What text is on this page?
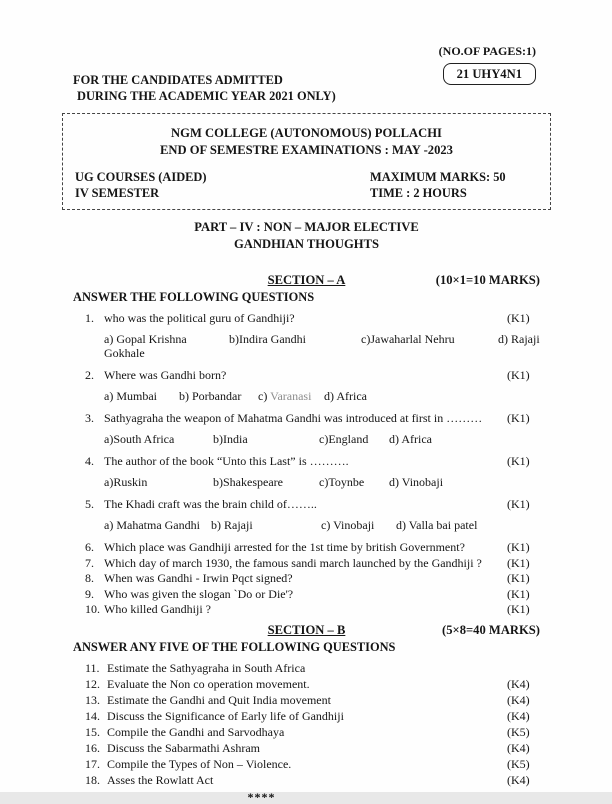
FOR THE CANDIDATES ADMITTED
DURING THE ACADEMIC YEAR 2021 ONLY)
(NO.OF PAGES:1)
21 UHY4N1
NGM COLLEGE (AUTONOMOUS) POLLACHI
END OF SEMESTRE EXAMINATIONS : MAY -2023
UG COURSES (AIDED)	MAXIMUM MARKS: 50
IV SEMESTER	TIME : 2 HOURS
PART – IV : NON – MAJOR ELECTIVE
GANDHIAN THOUGHTS
SECTION – A	(10×1=10 MARKS)
ANSWER THE FOLLOWING QUESTIONS
1. who was the political guru of Gandhiji?	(K1)
a) Gopal Krishna Gokhale
b)Indira Gandhi	c)Jawaharlal Nehru	d) Rajaji
2. Where was Gandhi born?	(K1)
a) Mumbai	b) Porbandar	c) Varanasi	d) Africa
3. Sathyagraha the weapon of Mahatma Gandhi was introduced at first in ………	(K1)
a)South Africa	b)India	c)England	d) Africa
4. The author of the book “Unto this Last” is ……….	(K1)
a)Ruskin	b)Shakespeare	c)Toynbe	d) Vinobaji
5. The Khadi craft was the brain child of……..	(K1)
a) Mahatma Gandhi b) Rajaji	c) Vinobaji	d) Valla bai patel
6. Which place was Gandhiji arrested for the 1st time by british Government?	(K1)
7. Which day of march 1930, the famous sandi march launched by the Gandhiji ?	(K1)
8. When was Gandhi - Irwin Pqct signed?	(K1)
9. Who was given the slogan `Do or Die'?	(K1)
10. Who killed Gandhiji ?	(K1)
SECTION – B	(5×8=40 MARKS)
ANSWER ANY FIVE OF THE FOLLOWING QUESTIONS
11. Estimate the Sathyagraha in South Africa
12. Evaluate the Non co operation movement.	(K4)
13. Estimate the Gandhi and Quit India movement	(K4)
14. Discuss the Significance of Early life of Gandhiji	(K4)
15. Compile the Gandhi and Sarvodhaya	(K5)
16. Discuss the Sabarmathi Ashram	(K4)
17. Compile the Types of Non – Violence.	(K5)
18. Asses the Rowlatt Act	(K4)
****
